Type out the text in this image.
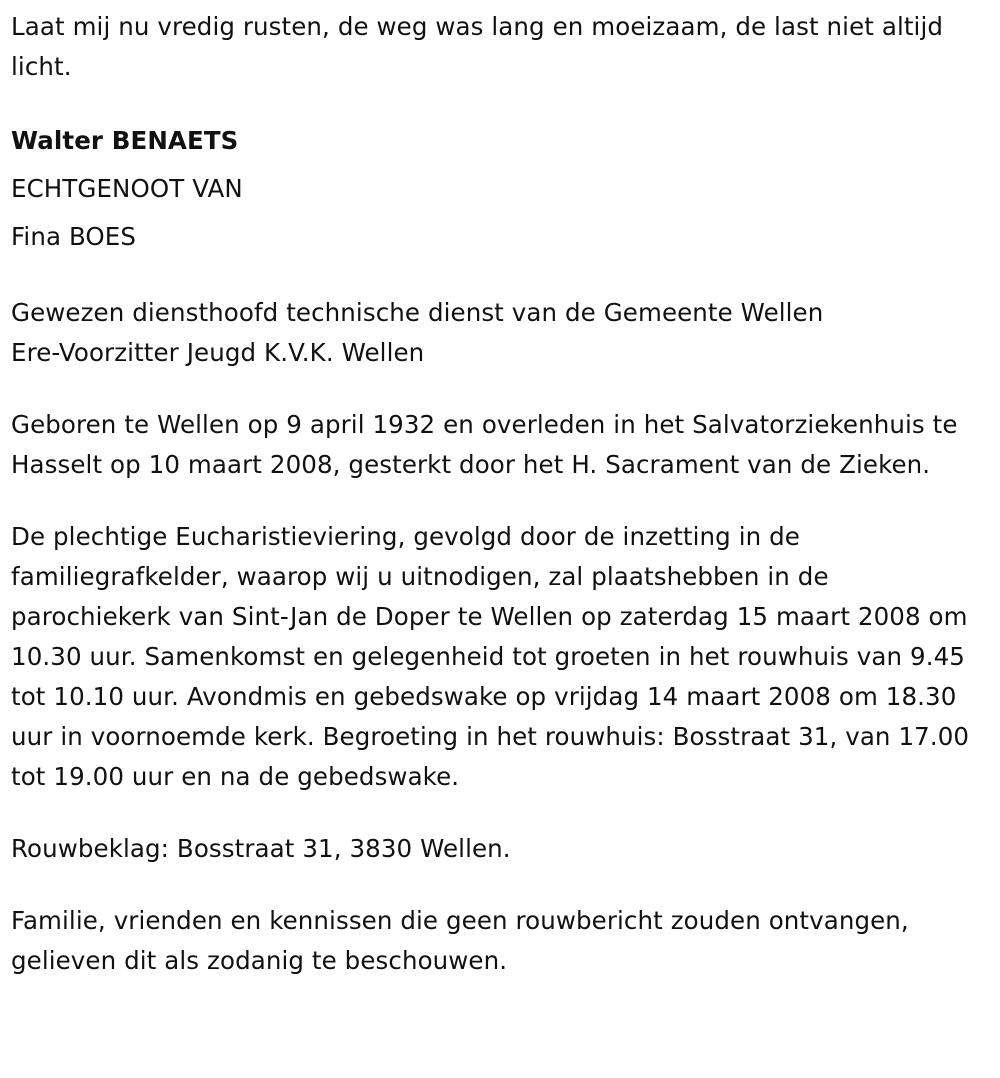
Laat mij nu vredig rusten, de weg was lang en moeizaam, de last niet altijd licht.

Walter BENAETS

ECHTGENOOT VAN

Fina BOES

Gewezen diensthoofd technische dienst van de Gemeente Wellen

Ere-Voorzitter Jeugd K.V.K. Wellen

Geboren te Wellen op 9 april 1932 en overleden in het Salvatorziekenhuis te Hasselt op 10 maart 2008, gesterkt door het H. Sacrament van de Zieken.

De plechtige Eucharistieviering, gevolgd door de inzetting in de familiegrafkelder, waarop wij u uitnodigen, zal plaatshebben in de parochiekerk van Sint-Jan de Doper te Wellen op zaterdag 15 maart 2008 om 10.30 uur. Samenkomst en gelegenheid tot groeten in het rouwhuis van 9.45 tot 10.10 uur. Avondmis en gebedswake op vrijdag 14 maart 2008 om 18.30 uur in voornoemde kerk. Begroeting in het rouwhuis: Bosstraat 31, van 17.00 tot 19.00 uur en na de gebedswake.

Rouwbeklag: Bosstraat 31, 3830 Wellen.

Familie, vrienden en kennissen die geen rouwbericht zouden ontvangen, gelieven dit als zodanig te beschouwen.
